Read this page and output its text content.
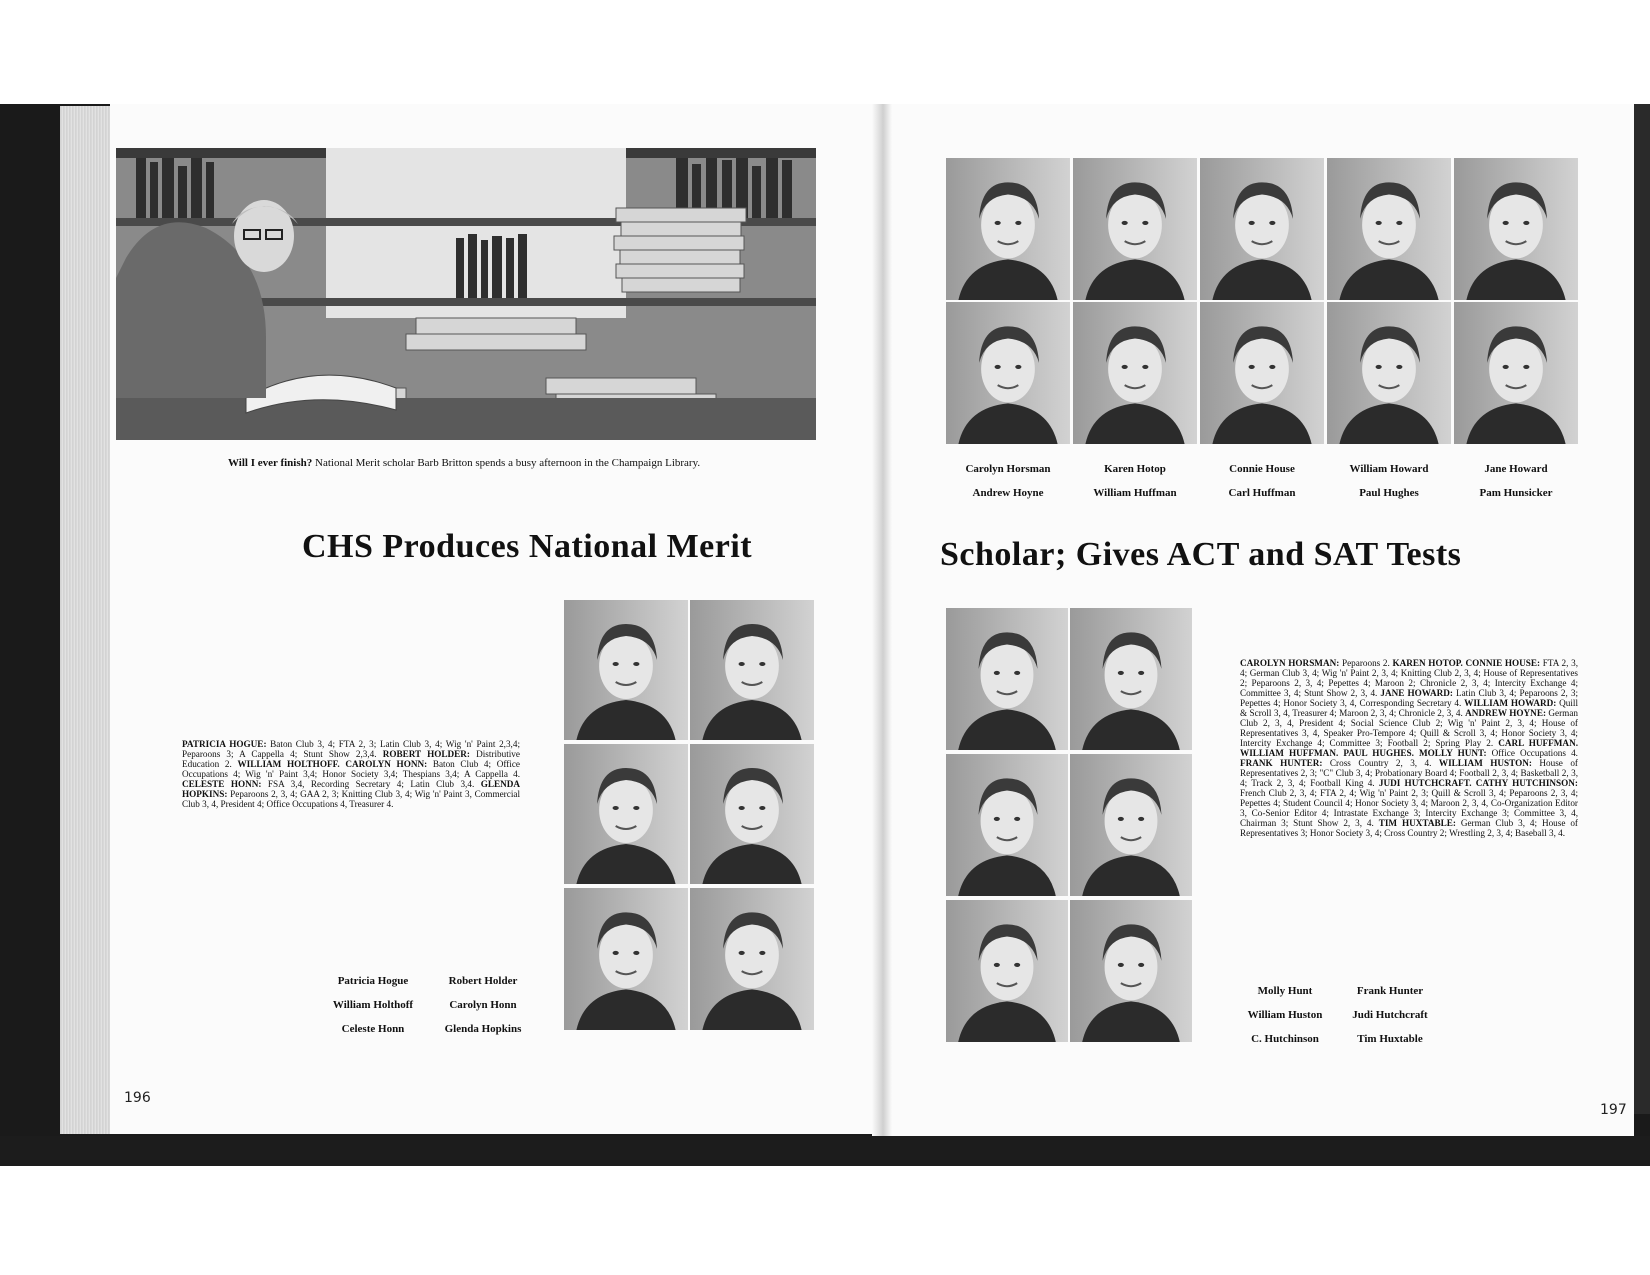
Will I ever finish? National Merit scholar Barb Britton spends a busy afternoon in the Champaign Library.
CHS Produces National Merit
PATRICIA HOGUE: Baton Club 3, 4; FTA 2, 3; Latin Club 3, 4; Wig 'n' Paint 2,3,4; Peparoons 3; A Cappella 4; Stunt Show 2,3,4. ROBERT HOLDER: Distributive Education 2. WILLIAM HOLTHOFF. CAROLYN HONN: Baton Club 4; Office Occupations 4; Wig 'n' Paint 3,4; Honor Society 3,4; Thespians 3,4; A Cappella 4. CELESTE HONN: FSA 3,4, Recording Secretary 4; Latin Club 3,4. GLENDA HOPKINS: Peparoons 2, 3, 4; GAA 2, 3; Knitting Club 3, 4; Wig 'n' Paint 3, Commercial Club 3, 4, President 4; Office Occupations 4, Treasurer 4.
Patricia Hogue	Robert Holder
William Holthoff	Carolyn Honn
Celeste Honn	Glenda Hopkins
196
Carolyn Horsman	Karen Hotop	Connie House	William Howard	Jane Howard
Andrew Hoyne	William Huffman	Carl Huffman	Paul Hughes	Pam Hunsicker
Scholar; Gives ACT and SAT Tests
CAROLYN HORSMAN: Peparoons 2. KAREN HOTOP. CONNIE HOUSE: FTA 2, 3, 4; German Club 3, 4; Wig 'n' Paint 2, 3, 4; Knitting Club 2, 3, 4; House of Representatives 2; Peparoons 2, 3, 4; Pepettes 4; Maroon 2; Chronicle 2, 3, 4; Intercity Exchange 4; Committee 3, 4; Stunt Show 2, 3, 4. JANE HOWARD: Latin Club 3, 4; Peparoons 2, 3; Pepettes 4; Honor Society 3, 4, Corresponding Secretary 4. WILLIAM HOWARD: Quill & Scroll 3, 4, Treasurer 4; Maroon 2, 3, 4; Chronicle 2, 3, 4. ANDREW HOYNE: German Club 2, 3, 4, President 4; Social Science Club 2; Wig 'n' Paint 2, 3, 4; House of Representatives 3, 4, Speaker Pro-Tempore 4; Quill & Scroll 3, 4; Honor Society 3, 4; Intercity Exchange 4; Committee 3; Football 2; Spring Play 2. CARL HUFFMAN. WILLIAM HUFFMAN. PAUL HUGHES. MOLLY HUNT: Office Occupations 4. FRANK HUNTER: Cross Country 2, 3, 4. WILLIAM HUSTON: House of Representatives 2, 3; "C" Club 3, 4; Probationary Board 4; Football 2, 3, 4; Basketball 2, 3, 4; Track 2, 3, 4; Football King 4. JUDI HUTCHCRAFT. CATHY HUTCHINSON: French Club 2, 3, 4; FTA 2, 4; Wig 'n' Paint 2, 3; Quill & Scroll 3, 4; Peparoons 2, 3, 4; Pepettes 4; Student Council 4; Honor Society 3, 4; Maroon 2, 3, 4, Co-Organization Editor 3, Co-Senior Editor 4; Intrastate Exchange 3; Intercity Exchange 3; Committee 3, 4, Chairman 3; Stunt Show 2, 3, 4. TIM HUXTABLE: German Club 3, 4; House of Representatives 3; Honor Society 3, 4; Cross Country 2; Wrestling 2, 3, 4; Baseball 3, 4.
Molly Hunt	Frank Hunter
William Huston	Judi Hutchcraft
C. Hutchinson	Tim Huxtable
197
